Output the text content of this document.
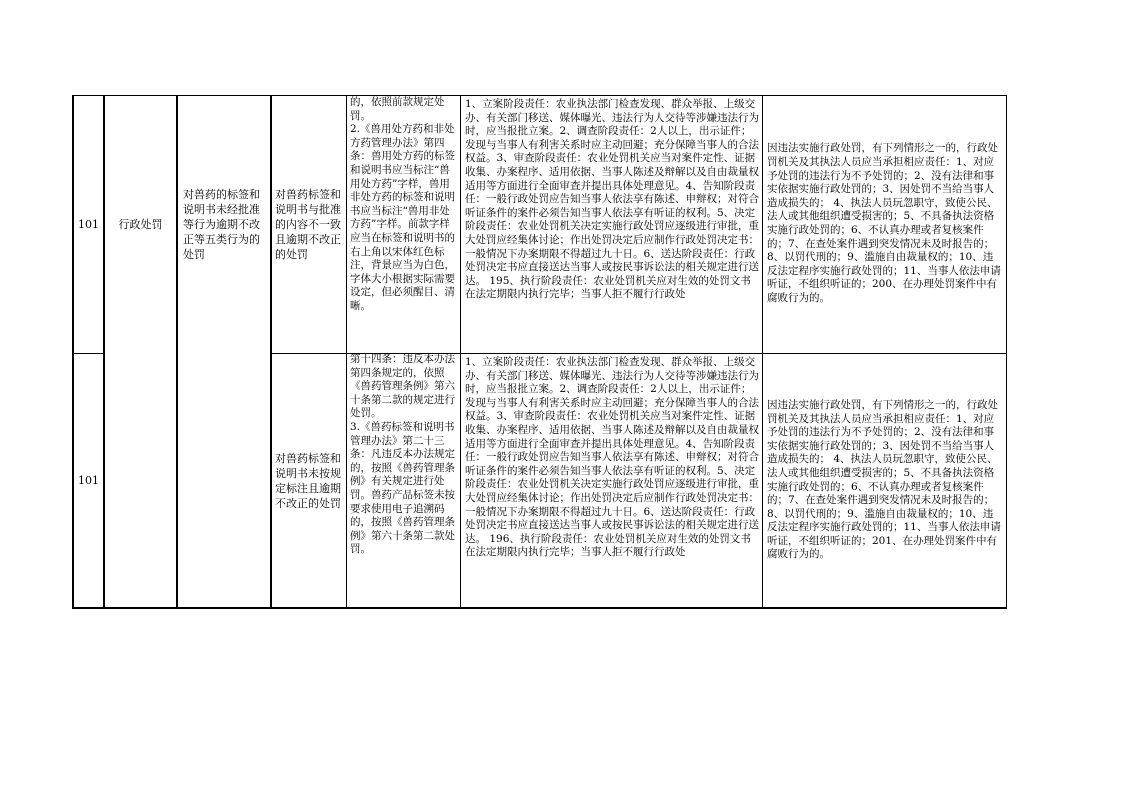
101	行政处罚
对兽药的标签和说明书未经批准等行为逾期不改正等五类行为的处罚
对兽药标签和说明书与批准的内容不一致且逾期不改正的处罚
的，依照前款规定处罚。
2.《兽用处方药和非处方药管理办法》第四条：兽用处方药的标签和说明书应当标注“兽用处方药”字样，兽用非处方药的标签和说明书应当标注“兽用非处方药”字样。前款字样应当在标签和说明书的右上角以宋体红色标注，背景应当为白色，字体大小根据实际需要设定，但必须醒目、清晰。
1、立案阶段责任：农业执法部门检查发现、群众举报、上级交办、有关部门移送、媒体曝光、违法行为人交待等涉嫌违法行为时，应当报批立案。2、调查阶段责任：2人以上，出示证件；发现与当事人有利害关系时应主动回避；充分保障当事人的合法权益。3、审查阶段责任：农业处罚机关应当对案件定性、证据收集、办案程序、适用依据、当事人陈述及辩解以及自由裁量权适用等方面进行全面审查并提出具体处理意见。4、告知阶段责任：一般行政处罚应告知当事人依法享有陈述、申辩权；对符合听证条件的案件必须告知当事人依法享有听证的权利。5、决定阶段责任：农业处罚机关决定实施行政处罚应逐级进行审批，重大处罚应经集体讨论；作出处罚决定后应制作行政处罚决定书：一般情况下办案期限不得超过九十日。6、送达阶段责任：行政处罚决定书应直接送达当事人或按民事诉讼法的相关规定进行送达。 195、执行阶段责任：农业处罚机关应对生效的处罚文书在法定期限内执行完毕；当事人拒不履行行政处
因违法实施行政处罚，有下列情形之一的，行政处罚机关及其执法人员应当承担相应责任：1、对应予处罚的违法行为不予处罚的；2、没有法律和事实依据实施行政处罚的；3、因处罚不当给当事人造成损失的； 4、执法人员玩忽职守，致使公民、法人或其他组织遭受损害的；5、不具备执法资格实施行政处罚的；6、不认真办理或者复核案件的；7、在查处案件遇到突发情况未及时报告的；8、以罚代刑的；9、滥施自由裁量权的；10、违反法定程序实施行政处罚的；11、当事人依法申请听证，不组织听证的；200、在办理处罚案件中有腐败行为的。
101
对兽药标签和说明书未按规定标注且逾期不改正的处罚
第十四条：违反本办法第四条规定的，依照《兽药管理条例》第六十条第二款的规定进行处罚。
3.《兽药标签和说明书管理办法》第二十三条：凡违反本办法规定的，按照《兽药管理条例》有关规定进行处罚。兽药产品标签未按要求使用电子追溯码的，按照《兽药管理条例》第六十条第二款处罚。
1、立案阶段责任：农业执法部门检查发现、群众举报、上级交办、有关部门移送、媒体曝光、违法行为人交待等涉嫌违法行为时，应当报批立案。2、调查阶段责任：2人以上，出示证件；发现与当事人有利害关系时应主动回避；充分保障当事人的合法权益。3、审查阶段责任：农业处罚机关应当对案件定性、证据收集、办案程序、适用依据、当事人陈述及辩解以及自由裁量权适用等方面进行全面审查并提出具体处理意见。4、告知阶段责任：一般行政处罚应告知当事人依法享有陈述、申辩权；对符合听证条件的案件必须告知当事人依法享有听证的权利。5、决定阶段责任：农业处罚机关决定实施行政处罚应逐级进行审批，重大处罚应经集体讨论；作出处罚决定后应制作行政处罚决定书：一般情况下办案期限不得超过九十日。6、送达阶段责任：行政处罚决定书应直接送达当事人或按民事诉讼法的相关规定进行送达。 196、执行阶段责任：农业处罚机关应对生效的处罚文书在法定期限内执行完毕；当事人拒不履行行政处
因违法实施行政处罚，有下列情形之一的，行政处罚机关及其执法人员应当承担相应责任：1、对应予处罚的违法行为不予处罚的；2、没有法律和事实依据实施行政处罚的；3、因处罚不当给当事人造成损失的； 4、执法人员玩忽职守，致使公民、法人或其他组织遭受损害的；5、不具备执法资格实施行政处罚的；6、不认真办理或者复核案件的；7、在查处案件遇到突发情况未及时报告的；8、以罚代刑的；9、滥施自由裁量权的；10、违反法定程序实施行政处罚的；11、当事人依法申请听证，不组织听证的；201、在办理处罚案件中有腐败行为的。
